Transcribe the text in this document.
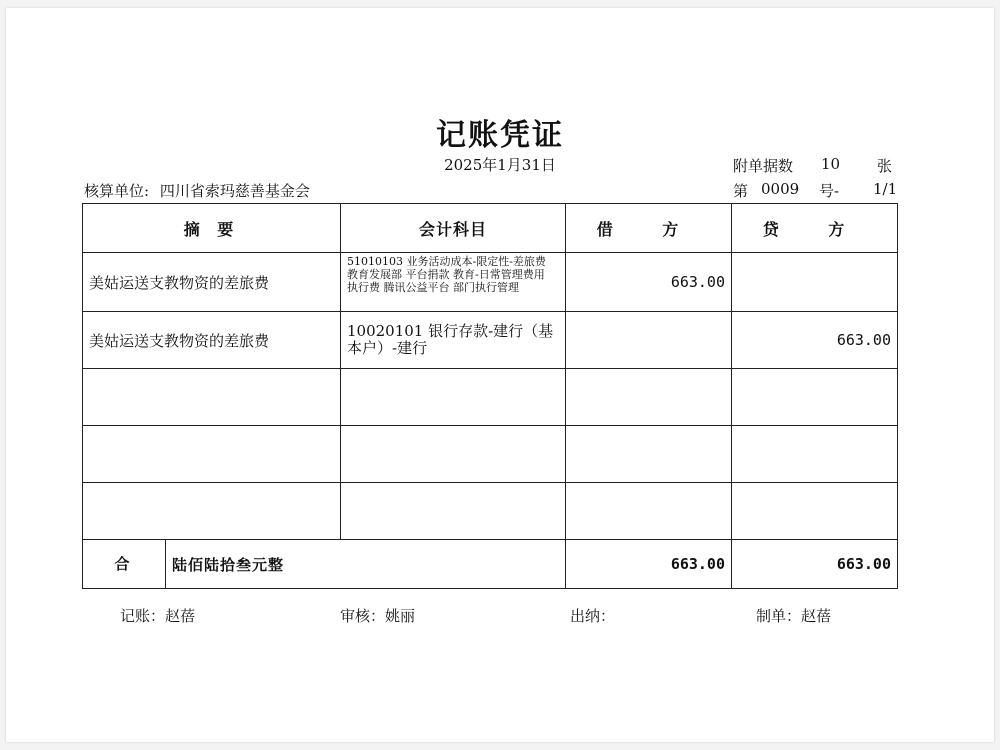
记账凭证
2025年1月31日	附单据数 10 张
核算单位: 四川省索玛慈善基金会	第 0009 号- 1/1
摘 要	会计科目	借 方	贷 方
美姑运送支教物资的差旅费	51010103 业务活动成本-限定性-差旅费 教育发展部 平台捐款 教育-日常管理费用 执行费 腾讯公益平台 部门执行管理	663.00	
美姑运送支教物资的差旅费	10020101 银行存款-建行（基本户）-建行		663.00

合 陆佰陆拾叁元整		663.00	663.00
记账：赵蓓	审核：姚丽	出纳：	制单：赵蓓
